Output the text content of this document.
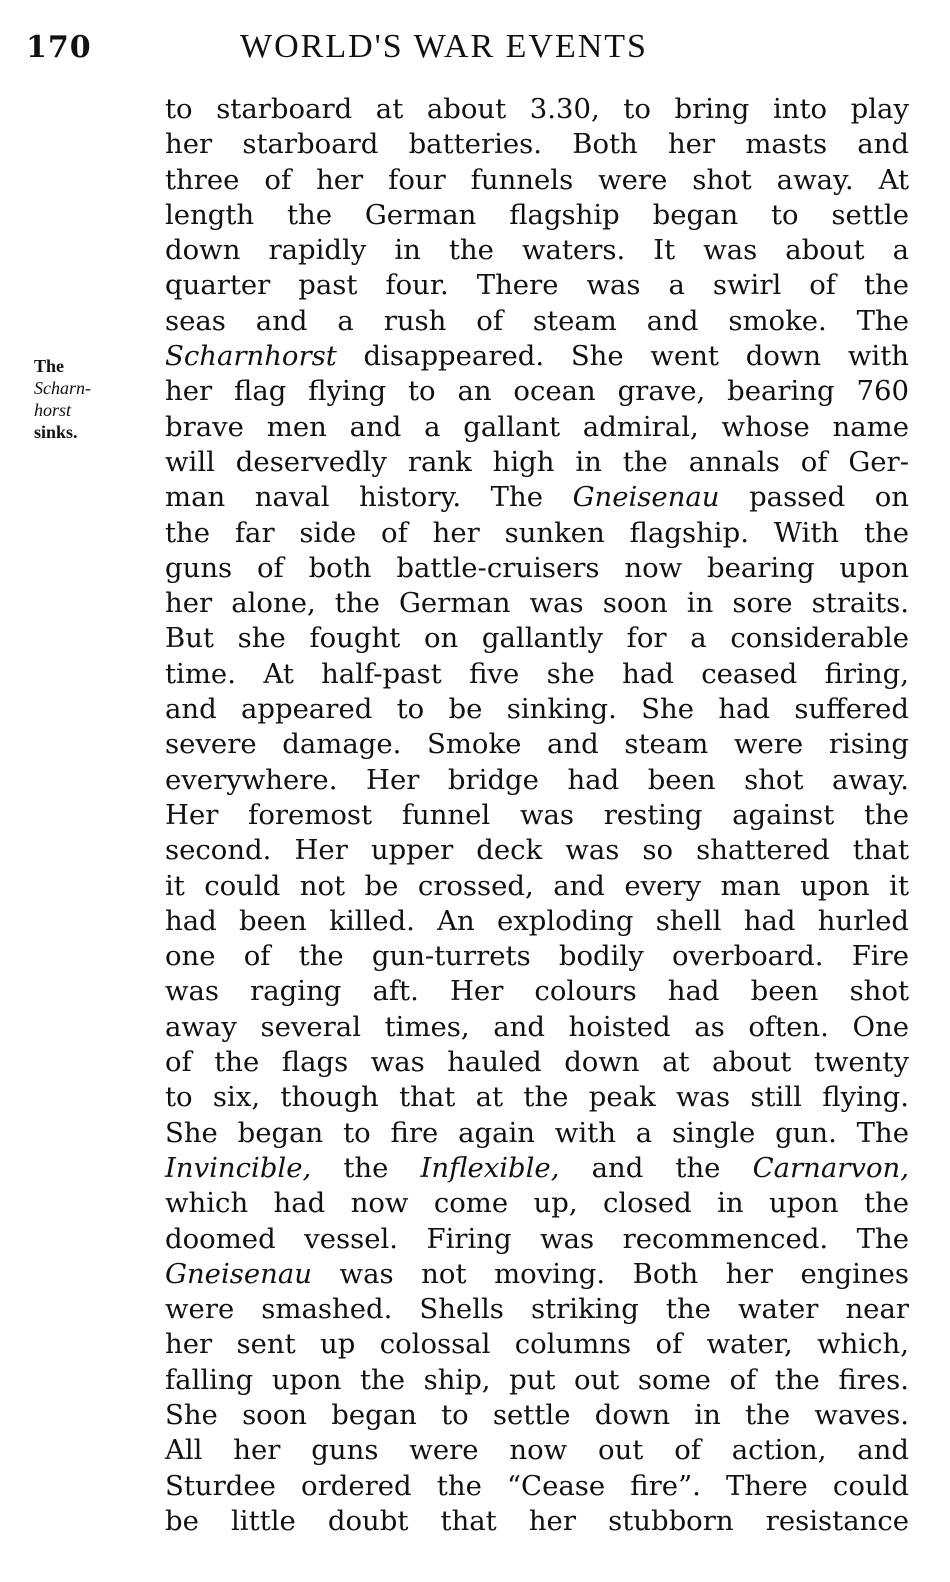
170	WORLD'S WAR EVENTS
The
Scharn-
horst
sinks.
to starboard at about 3.30, to bring into play
her starboard batteries. Both her masts and
three of her four funnels were shot away. At
length the German flagship began to settle
down rapidly in the waters. It was about a
quarter past four. There was a swirl of the
seas and a rush of steam and smoke. The
Scharnhorst disappeared. She went down with
her flag flying to an ocean grave, bearing 760
brave men and a gallant admiral, whose name
will deservedly rank high in the annals of Ger-
man naval history. The Gneisenau passed on
the far side of her sunken flagship. With the
guns of both battle-cruisers now bearing upon
her alone, the German was soon in sore straits.
But she fought on gallantly for a considerable
time. At half-past five she had ceased firing,
and appeared to be sinking. She had suffered
severe damage. Smoke and steam were rising
everywhere. Her bridge had been shot away.
Her foremost funnel was resting against the
second. Her upper deck was so shattered that
it could not be crossed, and every man upon it
had been killed. An exploding shell had hurled
one of the gun-turrets bodily overboard. Fire
was raging aft. Her colours had been shot
away several times, and hoisted as often. One
of the flags was hauled down at about twenty
to six, though that at the peak was still flying.
She began to fire again with a single gun. The
Invincible, the Inflexible, and the Carnarvon,
which had now come up, closed in upon the
doomed vessel. Firing was recommenced. The
Gneisenau was not moving. Both her engines
were smashed. Shells striking the water near
her sent up colossal columns of water, which,
falling upon the ship, put out some of the fires.
She soon began to settle down in the waves.
All her guns were now out of action, and
Sturdee ordered the “Cease fire”. There could
be little doubt that her stubborn resistance
